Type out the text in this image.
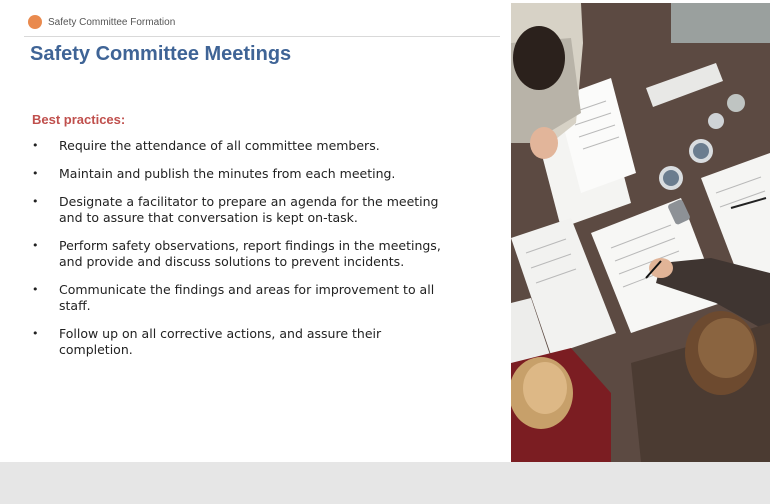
Safety Committee Formation
Safety Committee Meetings
Best practices:
• Require the attendance of all committee members.
• Maintain and publish the minutes from each meeting.
• Designate a facilitator to prepare an agenda for the meeting and to assure that conversation is kept on-task.
• Perform safety observations, report findings in the meetings, and provide and discuss solutions to prevent incidents.
• Communicate the findings and areas for improvement to all staff.
• Follow up on all corrective actions, and assure their completion.
